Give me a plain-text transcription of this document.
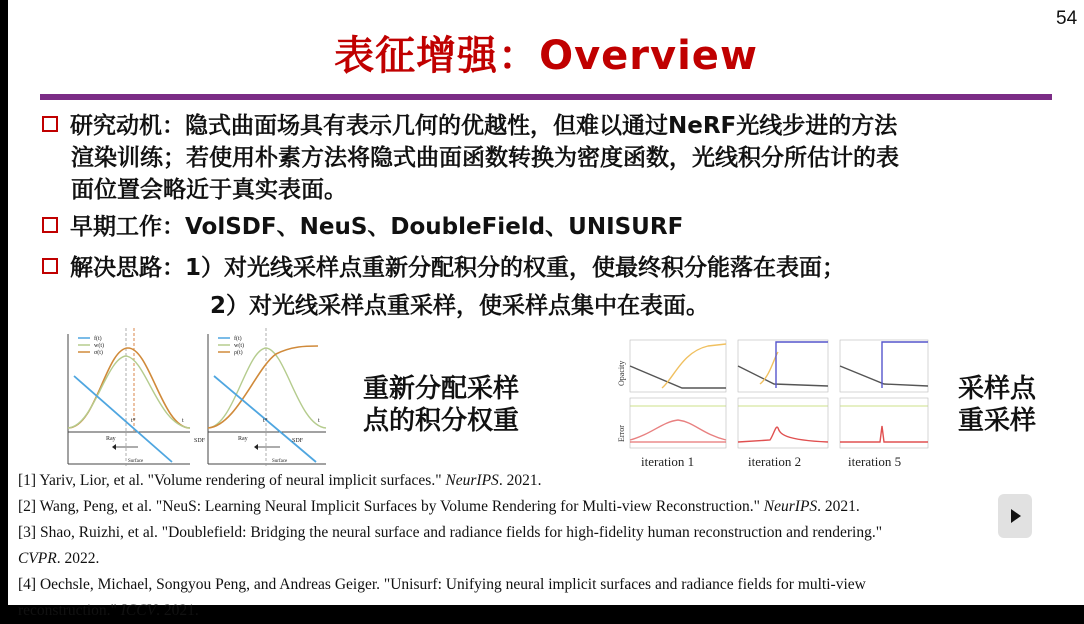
表征增强：Overview
研究动机：隐式曲面场具有表示几何的优越性，但难以通过NeRF光线步进的方法
渲染训练；若使用朴素方法将隐式曲面函数转换为密度函数，光线积分所估计的表
面位置会略近于真实表面。
早期工作：VolSDF、NeuS、DoubleField、UNISURF
解决思路：1）对光线采样点重新分配积分的权重，使最终积分能落在表面；
2）对光线采样点重采样，使采样点集中在表面。
f(t)
w(t)
σ(t)
t*	t
Ray
Surface
SDF
f(t)
w(t)
ρ(t)
t*	t
Ray
Surface
SDF
重新分配采样
点的积分权重
Opacity
Error
iteration 1	iteration 2	iteration 5
采样点
重采样
[1] Yariv, Lior, et al. "Volume rendering of neural implicit surfaces." NeurIPS. 2021.
[2] Wang, Peng, et al. "NeuS: Learning Neural Implicit Surfaces by Volume Rendering for Multi-view Reconstruction." NeurIPS. 2021.
[3] Shao, Ruizhi, et al. "Doublefield: Bridging the neural surface and radiance fields for high-fidelity human reconstruction and rendering."
CVPR. 2022.
[4] Oechsle, Michael, Songyou Peng, and Andreas Geiger. "Unisurf: Unifying neural implicit surfaces and radiance fields for multi-view
reconstruction." ICCV. 2021.
54
